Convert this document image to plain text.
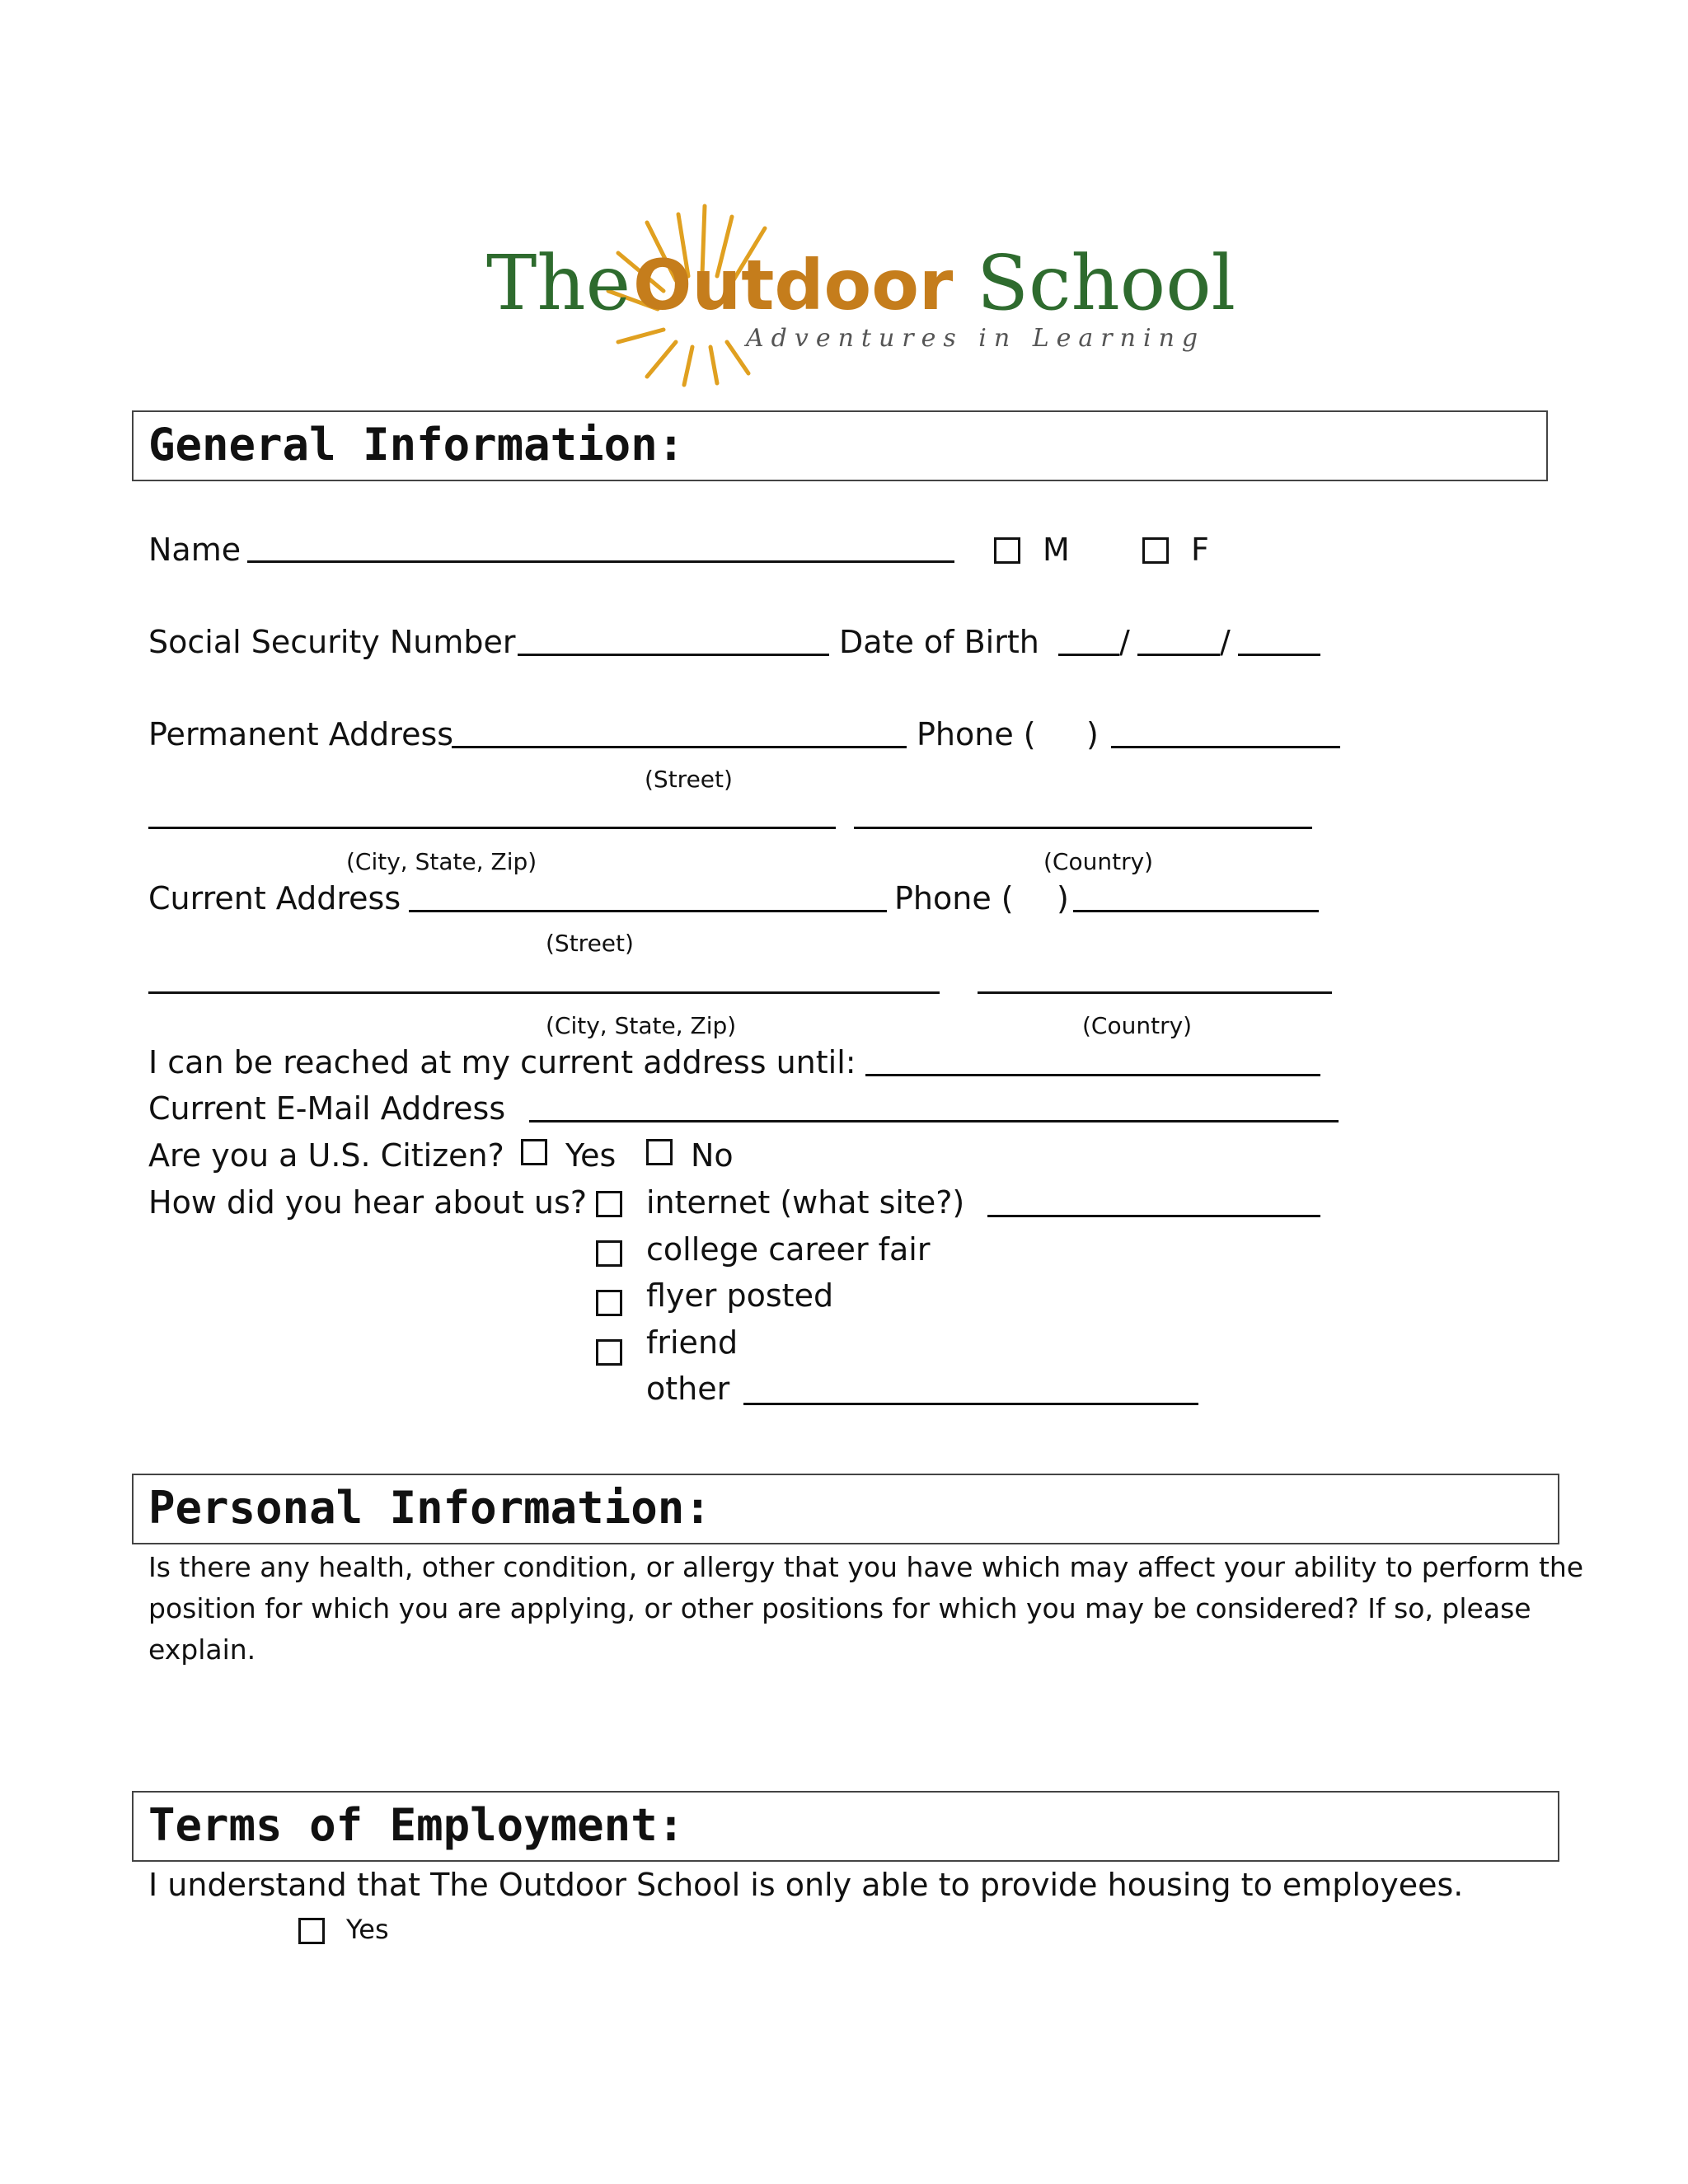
The Outdoor School
Adventures in Learning
General Information:
Name	M	F
Social Security Number	Date of Birth	/	/
Permanent Address	Phone ( )
(Street)
(City, State, Zip)	(Country)
Current Address	Phone ( )
(Street)
(City, State, Zip)	(Country)
I can be reached at my current address until:
Current E-Mail Address
Are you a U.S. Citizen? Yes No
How did you hear about us? internet (what site?)
college career fair
flyer posted
friend
other
Personal Information:
Is there any health, other condition, or allergy that you have which may affect your ability to perform the
position for which you are applying, or other positions for which you may be considered? If so, please
explain.
Terms of Employment:
I understand that The Outdoor School is only able to provide housing to employees.
Yes
